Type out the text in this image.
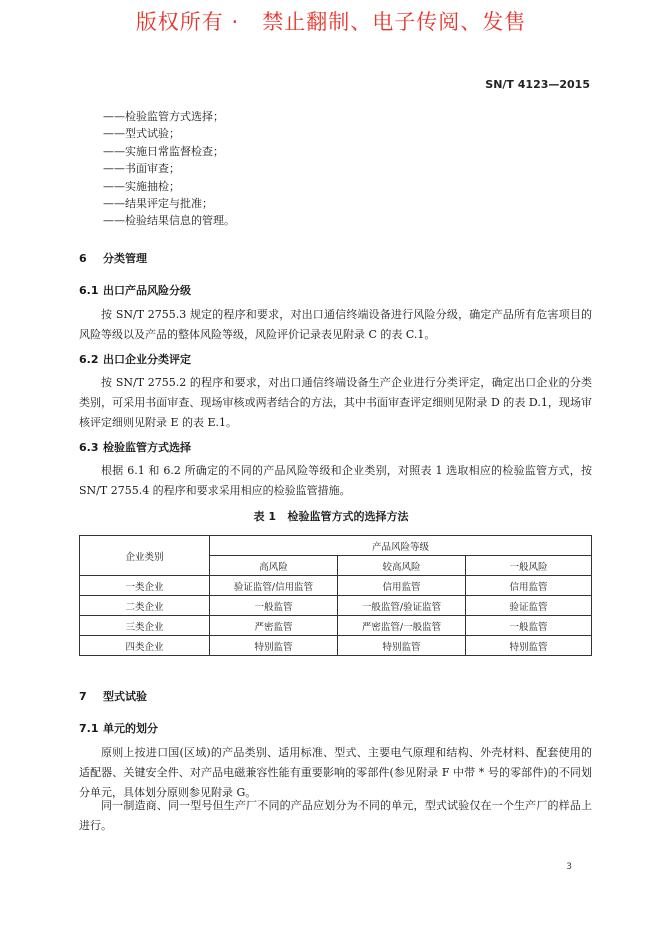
版权所有 ·   禁止翻制、电子传阅、发售
SN/T 4123—2015
——检验监管方式选择；
——型式试验；
——实施日常监督检查；
——书面审查；
——实施抽检；
——结果评定与批准；
——检验结果信息的管理。
6 分类管理
6.1 出口产品风险分级
按 SN/T 2755.3 规定的程序和要求，对出口通信终端设备进行风险分级，确定产品所有危害项目的风险等级以及产品的整体风险等级，风险评价记录表见附录 C 的表 C.1。
6.2 出口企业分类评定
按 SN/T 2755.2 的程序和要求，对出口通信终端设备生产企业进行分类评定，确定出口企业的分类类别，可采用书面审查、现场审核或两者结合的方法，其中书面审查评定细则见附录 D 的表 D.1，现场审核评定细则见附录 E 的表 E.1。
6.3 检验监管方式选择
根据 6.1 和 6.2 所确定的不同的产品风险等级和企业类别，对照表 1 选取相应的检验监管方式，按 SN/T 2755.4 的程序和要求采用相应的检验监管措施。
表 1   检验监管方式的选择方法
企业类别	产品风险等级		
	高风险	较高风险	一般风险
一类企业	验证监管/信用监管	信用监管	信用监管
二类企业	一般监管	一般监管/验证监管	验证监管
三类企业	严密监管	严密监管/一般监管	一般监管
四类企业	特别监管	特别监管	特别监管
7 型式试验
7.1 单元的划分
原则上按进口国(区域)的产品类别、适用标准、型式、主要电气原理和结构、外壳材料、配套使用的适配器、关键安全件、对产品电磁兼容性能有重要影响的零部件(参见附录 F 中带 * 号的零部件)的不同划分单元，具体划分原则参见附录 G。
同一制造商、同一型号但生产厂不同的产品应划分为不同的单元，型式试验仅在一个生产厂的样品上进行。
3
